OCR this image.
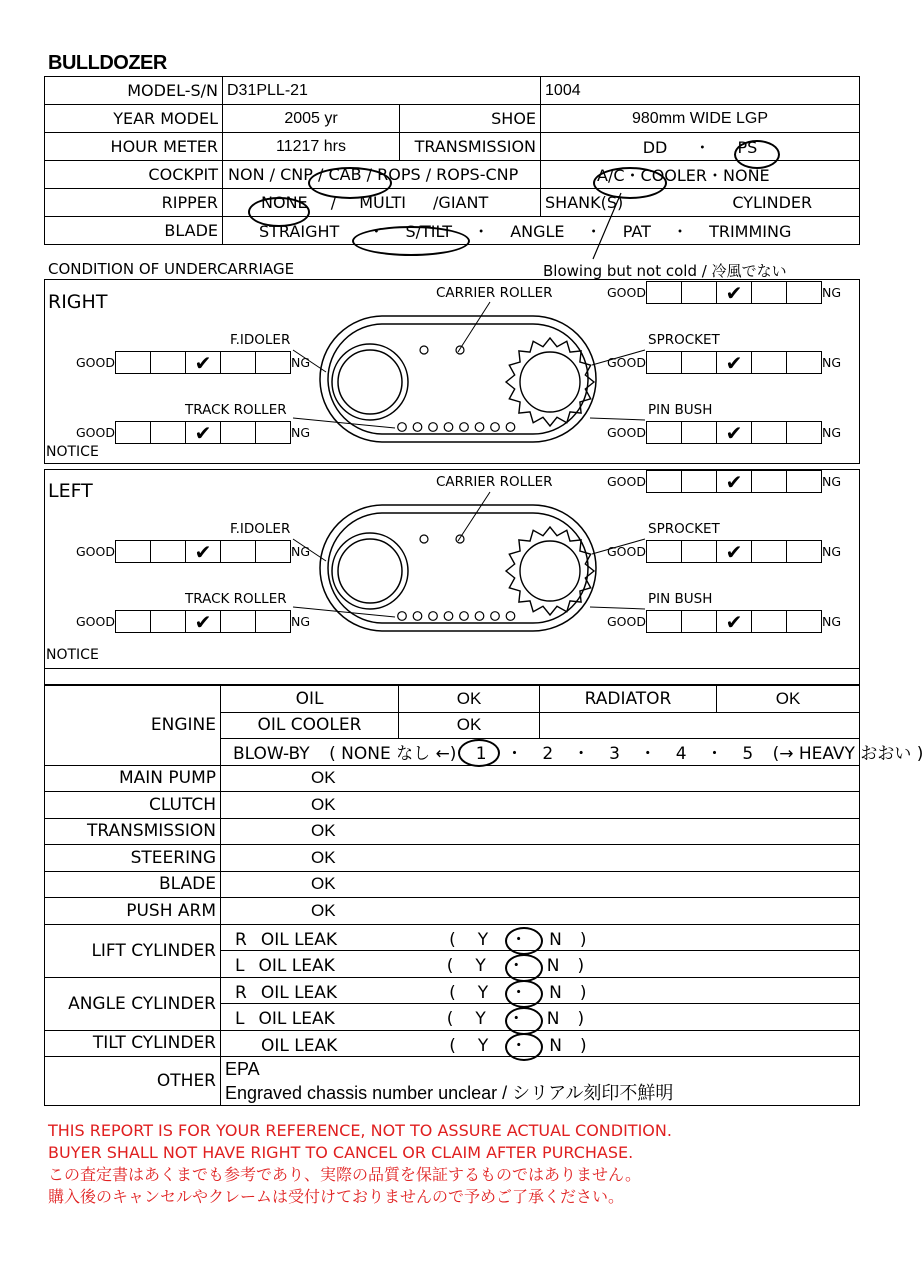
BULLDOZER
MODEL-S/N	D31PLL-21		1004
YEAR MODEL	2005 yr	SHOE	980mm WIDE LGP
HOUR METER	11217 hrs	TRANSMISSION	DD ・ PS
COCKPIT	NON / CNP / CAB / ROPS / ROPS-CNP		A/C・COOLER・NONE
RIPPER	NONE / MULTI /GIANT		SHANK(S) CYLINDER
BLADE	STRAIGHT ・ S/TILT ・ ANGLE ・ PAT ・ TRIMMING		
CONDITION OF UNDERCARRIAGE	Blowing but not cold / 冷風でない
RIGHT
NOTICE
LEFT
NOTICE
CARRIER ROLLER
F.IDOLER	SPROCKET
TRACK ROLLER	PIN BUSH
CARRIER ROLLER
F.IDOLER	SPROCKET
TRACK ROLLER	PIN BUSH
GOOD	✔	NG
GOOD	✔	NG	GOOD	✔	NG
GOOD	✔	NG	GOOD	✔	NG
GOOD	✔	NG
GOOD	✔	NG	GOOD	✔	NG
GOOD	✔	NG	GOOD	✔	NG
ENGINE	OIL	OK	RADIATOR	OK
	OIL COOLER	OK		
	BLOW-BY ( NONE なし ←) 1 ・ 2 ・ 3 ・ 4 ・ 5 (→ HEAVY おおい )			
MAIN PUMP	OK			
CLUTCH	OK			
TRANSMISSION	OK			
STEERING	OK			
BLADE	OK			
PUSH ARM	OK			
LIFT CYLINDER	R OIL LEAK ( Y ・ N )			
	L OIL LEAK ( Y ・ N )			
ANGLE CYLINDER	R OIL LEAK ( Y ・ N )			
	L OIL LEAK ( Y ・ N )			
TILT CYLINDER	OIL LEAK ( Y ・ N )			
OTHER	EPA
Engraved chassis number unclear / シリアル刻印不鮮明			
THIS REPORT IS FOR YOUR REFERENCE, NOT TO ASSURE ACTUAL CONDITION.
BUYER SHALL NOT HAVE RIGHT TO CANCEL OR CLAIM AFTER PURCHASE.
この査定書はあくまでも参考であり、実際の品質を保証するものではありません。
購入後のキャンセルやクレームは受付けておりませんので予めご了承ください。
